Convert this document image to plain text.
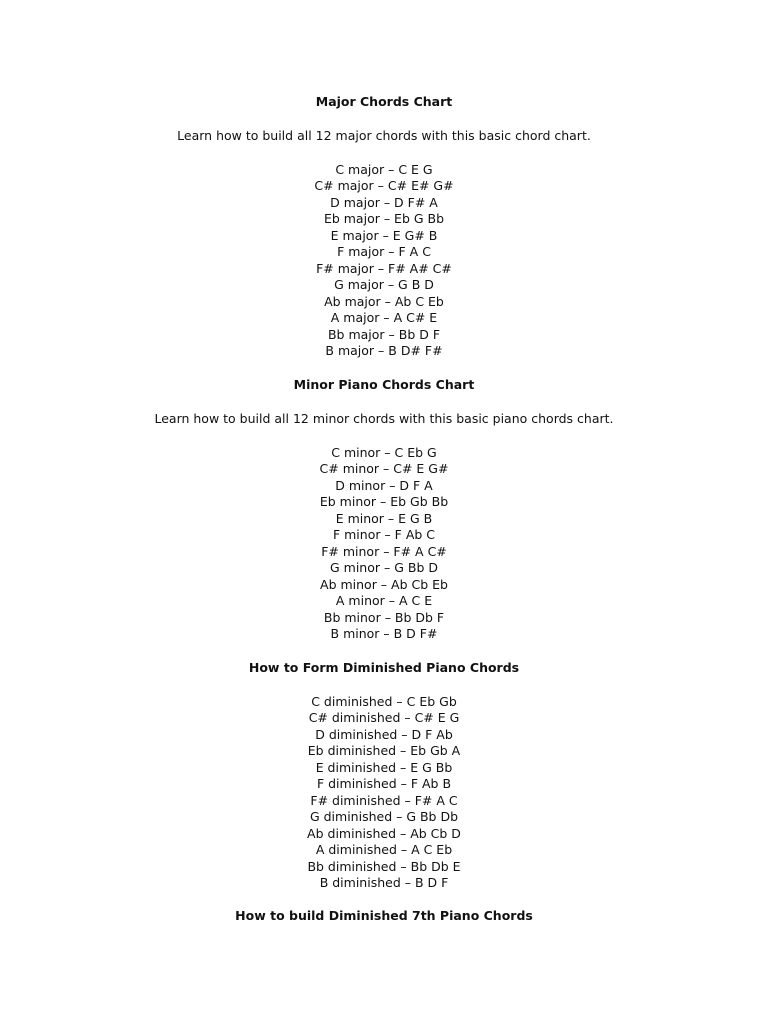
Major Chords Chart

Learn how to build all 12 major chords with this basic chord chart.

C major – C E G
C# major – C# E# G#
D major – D F# A
Eb major – Eb G Bb
E major – E G# B
F major – F A C
F# major – F# A# C#
G major – G B D
Ab major – Ab C Eb
A major – A C# E
Bb major – Bb D F
B major – B D# F#
Minor Piano Chords Chart

Learn how to build all 12 minor chords with this basic piano chords chart.

C minor – C Eb G
C# minor – C# E G#
D minor – D F A
Eb minor – Eb Gb Bb
E minor – E G B
F minor – F Ab C
F# minor – F# A C#
G minor – G Bb D
Ab minor – Ab Cb Eb
A minor – A C E
Bb minor – Bb Db F
B minor – B D F#
How to Form Diminished Piano Chords
C diminished – C Eb Gb
C# diminished – C# E G
D diminished – D F Ab
Eb diminished – Eb Gb A
E diminished – E G Bb
F diminished – F Ab B
F# diminished – F# A C
G diminished – G Bb Db
Ab diminished – Ab Cb D
A diminished – A C Eb
Bb diminished – Bb Db E
B diminished – B D F
How to build Diminished 7th Piano Chords
